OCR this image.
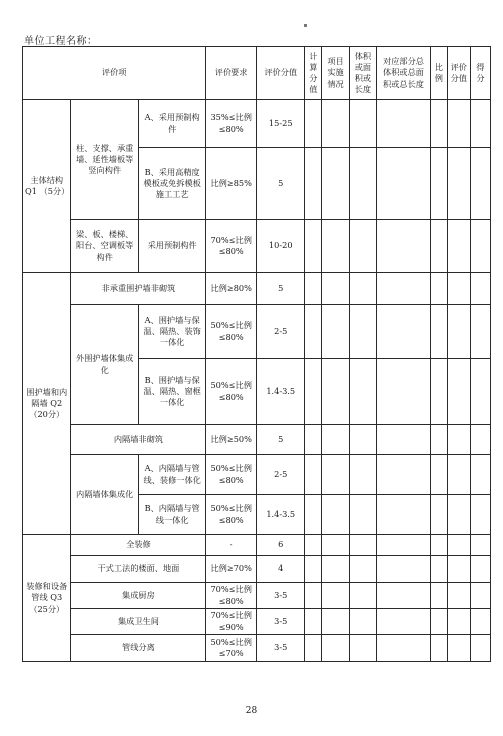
单位工程名称：
评价项			评价要求	评价分值	计算分值	项目实施情况	体积或面积或长度	对应部分总体积或总面积或总长度	比例	评价分值	得分
主体结构 Q1 （5分）	柱、支撑、承重墙、延性墙板等竖向构件	A、采用预制构件	35%≤比例≤80%	15-25							
		B、采用高精度模板或免拆模板施工工艺	比例≥85%	5							
	梁、板、楼梯、阳台、空调板等构件	采用预制构件	70%≤比例≤80%	10-20							
围护墙和内隔墙 Q2 （20分）	非承重围护墙非砌筑		比例≥80%	5							
	外围护墙体集成化	A、围护墙与保温、隔热、装饰一体化	50%≤比例≤80%	2-5							
		B、围护墙与保温、隔热、窗框一体化	50%≤比例≤80%	1.4-3.5							
	内隔墙非砌筑		比例≥50%	5							
	内隔墙体集成化	A、内隔墙与管线、装修一体化	50%≤比例≤80%	2-5							
		B、内隔墙与管线一体化	50%≤比例≤80%	1.4-3.5							
装修和设备管线 Q3 （25分）	全装修		-	6							
	干式工法的楼面、地面		比例≥70%	4							
	集成厨房		70%≤比例≤80%	3-5							
	集成卫生间		70%≤比例≤90%	3-5							
	管线分离		50%≤比例≤70%	3-5							
28
